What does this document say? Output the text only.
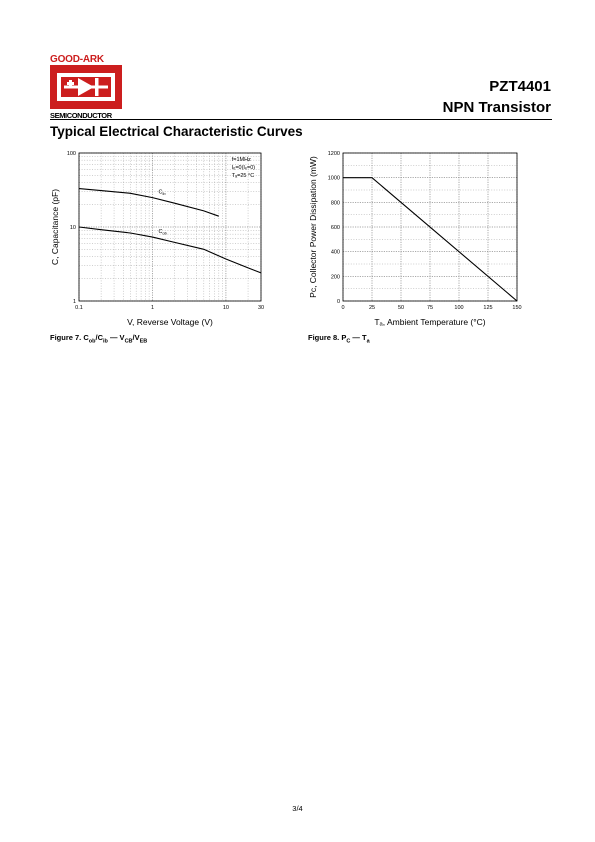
GOOD-ARK
SEMICONDUCTOR
PZT4401
NPN Transistor
Typical Electrical Characteristic Curves
0.1	1	10	30
1
10
100
V, Reverse Voltage (V)
C, Capacitance (pF)	$C_{ib}$
$C_{ob}$
f=1MHz
Iₑ=0(Iₑ=0)
Tₐ=25 °C
0	25	50	75	100	125	150
0
200
400
600
800
1000
1200
Tₐ, Ambient Temperature (°C)
Pᴄ, Collector Power Dissipation (mW)
Figure 7. $C_{ob}/C_{ib}$ — $V_{CB}/V_{EB}$	Figure 8. $P_C$ — $T_a$
3/4
